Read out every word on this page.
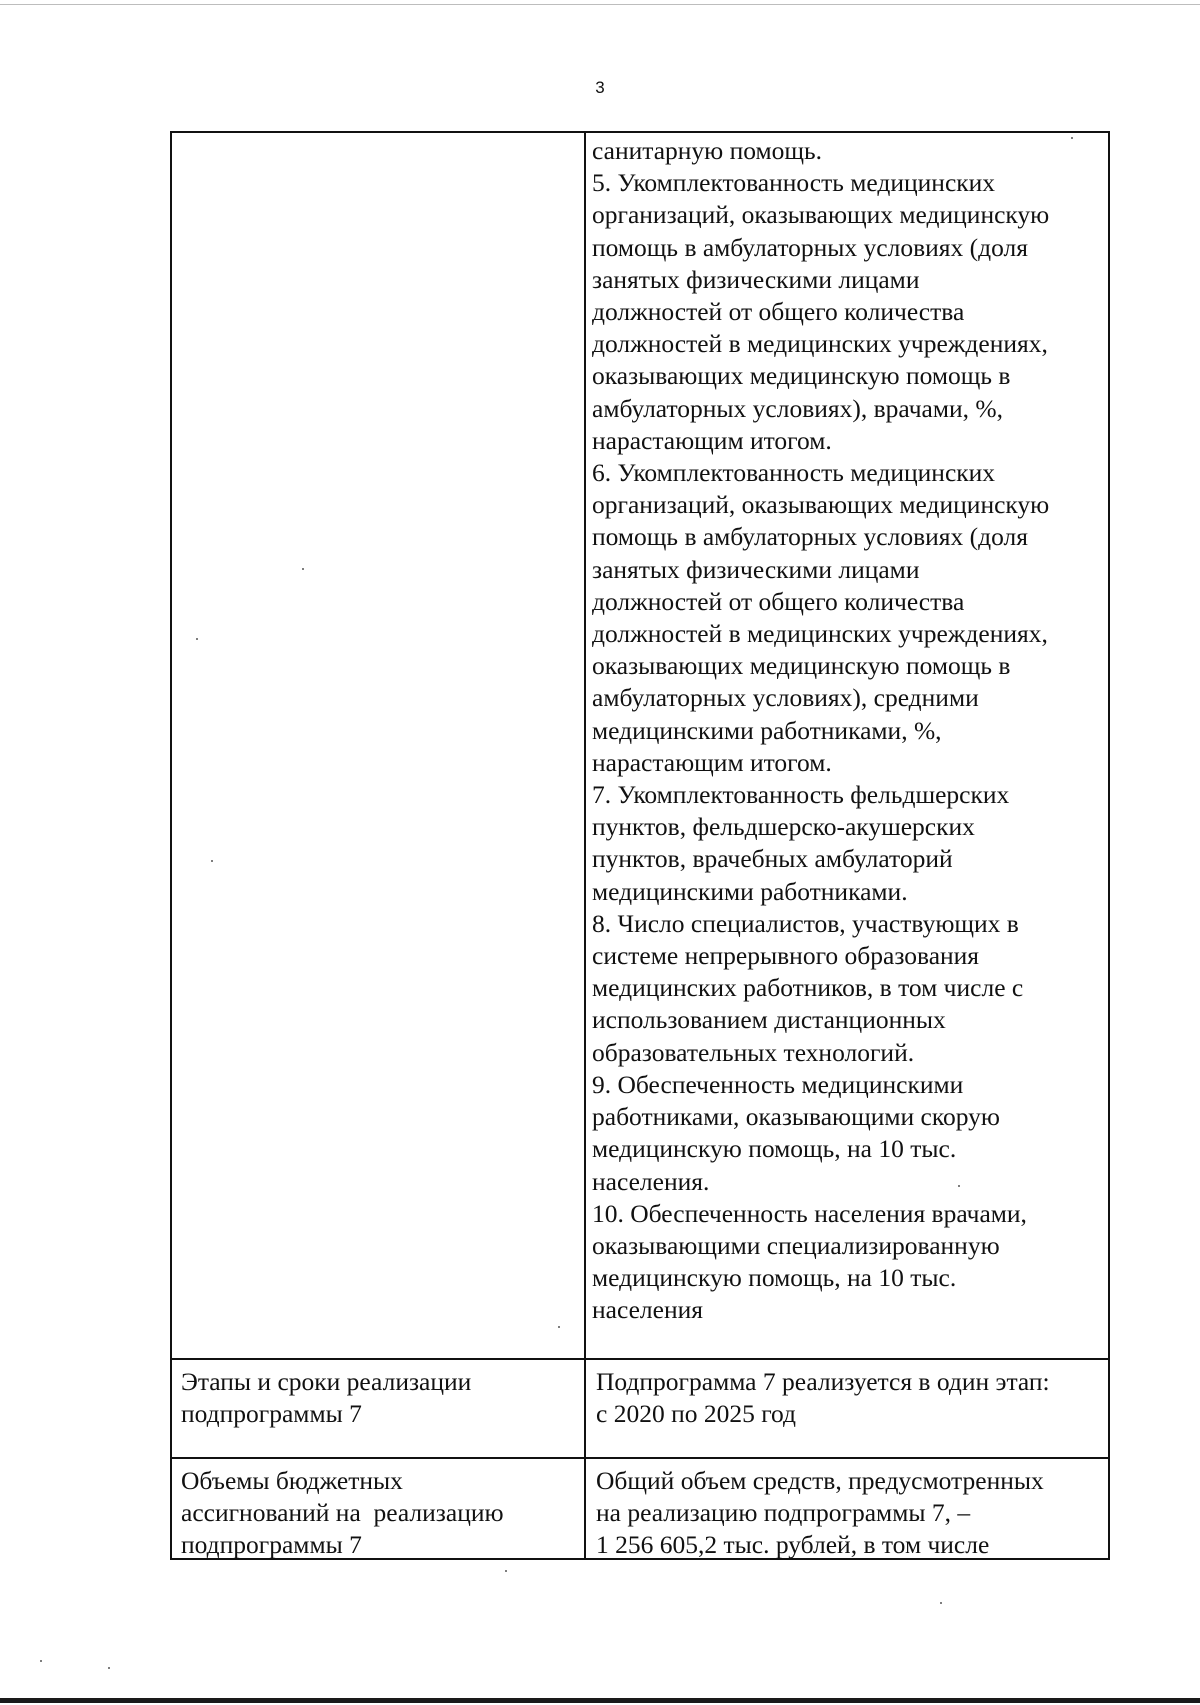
3
санитарную помощь.
5. Укомплектованность медицинских
организаций, оказывающих медицинскую
помощь в амбулаторных условиях (доля
занятых физическими лицами
должностей от общего количества
должностей в медицинских учреждениях,
оказывающих медицинскую помощь в
амбулаторных условиях), врачами, %,
нарастающим итогом.
6. Укомплектованность медицинских
организаций, оказывающих медицинскую
помощь в амбулаторных условиях (доля
занятых физическими лицами
должностей от общего количества
должностей в медицинских учреждениях,
оказывающих медицинскую помощь в
амбулаторных условиях), средними
медицинскими работниками, %,
нарастающим итогом.
7. Укомплектованность фельдшерских
пунктов, фельдшерско-акушерских
пунктов, врачебных амбулаторий
медицинскими работниками.
8. Число специалистов, участвующих в
системе непрерывного образования
медицинских работников, в том числе с
использованием дистанционных
образовательных технологий.
9. Обеспеченность медицинскими
работниками, оказывающими скорую
медицинскую помощь, на 10 тыс.
населения.
10. Обеспеченность населения врачами,
оказывающими специализированную
медицинскую помощь, на 10 тыс.
населения
Этапы и сроки реализации
подпрограммы 7
Подпрограмма 7 реализуется в один этап:
с 2020 по 2025 год
Объемы бюджетных
ассигнований на  реализацию
подпрограммы 7
Общий объем средств, предусмотренных
на реализацию подпрограммы 7, –
1 256 605,2 тыс. рублей, в том числе
